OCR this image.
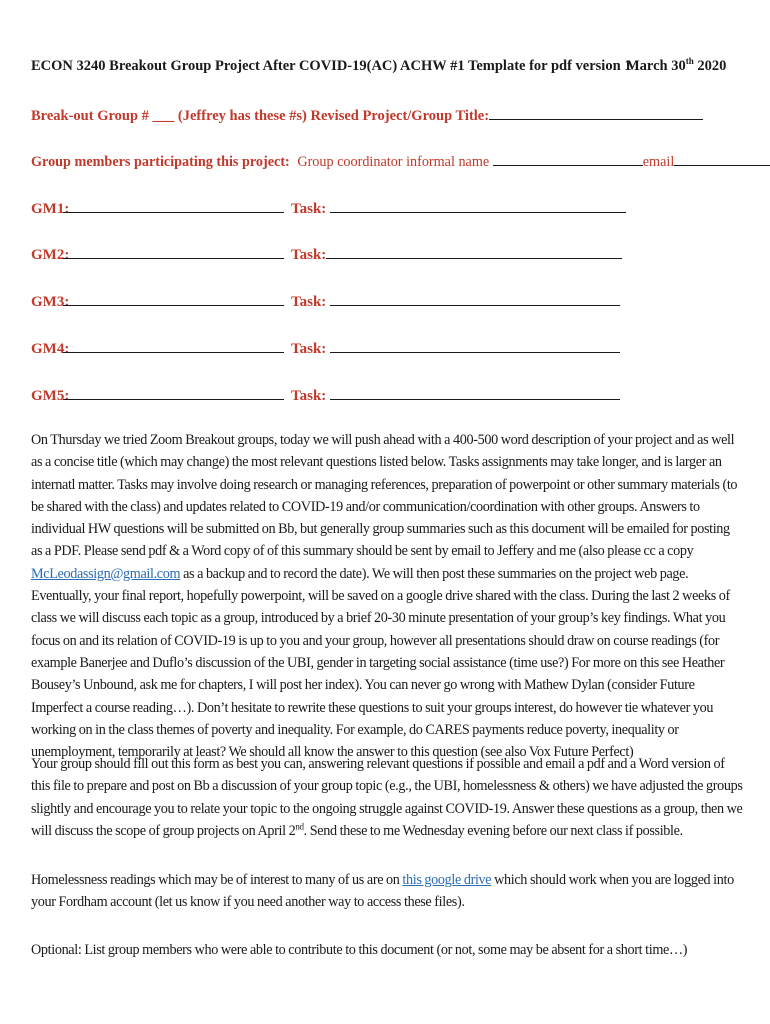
ECON 3240 Breakout Group Project After COVID-19(AC) ACHW #1 Template for pdf version 1
March 30th 2020
Break-out Group # ___ (Jeffrey has these #s) Revised Project/Group Title:
Group members participating this project: Group coordinator informal name	email
GM1:	Task:
GM2:	Task:
GM3:	Task:
GM4:	Task:
GM5:	Task:

On Thursday we tried Zoom Breakout groups, today we will push ahead with a 400-500 word description of your project and as well as a concise title (which may change) the most relevant questions listed below. Tasks assignments may take longer, and is larger an internatl matter. Tasks may involve doing research or managing references, preparation of powerpoint or other summary materials (to be shared with the class) and updates related to COVID-19 and/or communication/coordination with other groups. Answers to individual HW questions will be submitted on Bb, but generally group summaries such as this document will be emailed for posting as a PDF. Please send pdf & a Word copy of of this summary should be sent by email to Jeffery and me (also please cc a copy McLeodassign@gmail.com as a backup and to record the date). We will then post these summaries on the project web page. Eventually, your final report, hopefully powerpoint, will be saved on a google drive shared with the class. During the last 2 weeks of class we will discuss each topic as a group, introduced by a brief 20-30 minute presentation of your group’s key findings. What you focus on and its relation of COVID-19 is up to you and your group, however all presentations should draw on course readings (for example Banerjee and Duflo’s discussion of the UBI, gender in targeting social assistance (time use?) For more on this see Heather Bousey’s Unbound, ask me for chapters, I will post her index). You can never go wrong with Mathew Dylan (consider Future Imperfect a course reading…). Don’t hesitate to rewrite these questions to suit your groups interest, do however tie whatever you working on in the class themes of poverty and inequality. For example, do CARES payments reduce poverty, inequality or unemployment, temporarily at least? We should all know the answer to this question (see also Vox Future Perfect)

Your group should fill out this form as best you can, answering relevant questions if possible and email a pdf and a Word version of this file to prepare and post on Bb a discussion of your group topic (e.g., the UBI, homelessness & others) we have adjusted the groups slightly and encourage you to relate your topic to the ongoing struggle against COVID-19. Answer these questions as a group, then we will discuss the scope of group projects on April 2nd. Send these to me Wednesday evening before our next class if possible.

Homelessness readings which may be of interest to many of us are on this google drive which should work when you are logged into your Fordham account (let us know if you need another way to access these files).

Optional: List group members who were able to contribute to this document (or not, some may be absent for a short time…)
